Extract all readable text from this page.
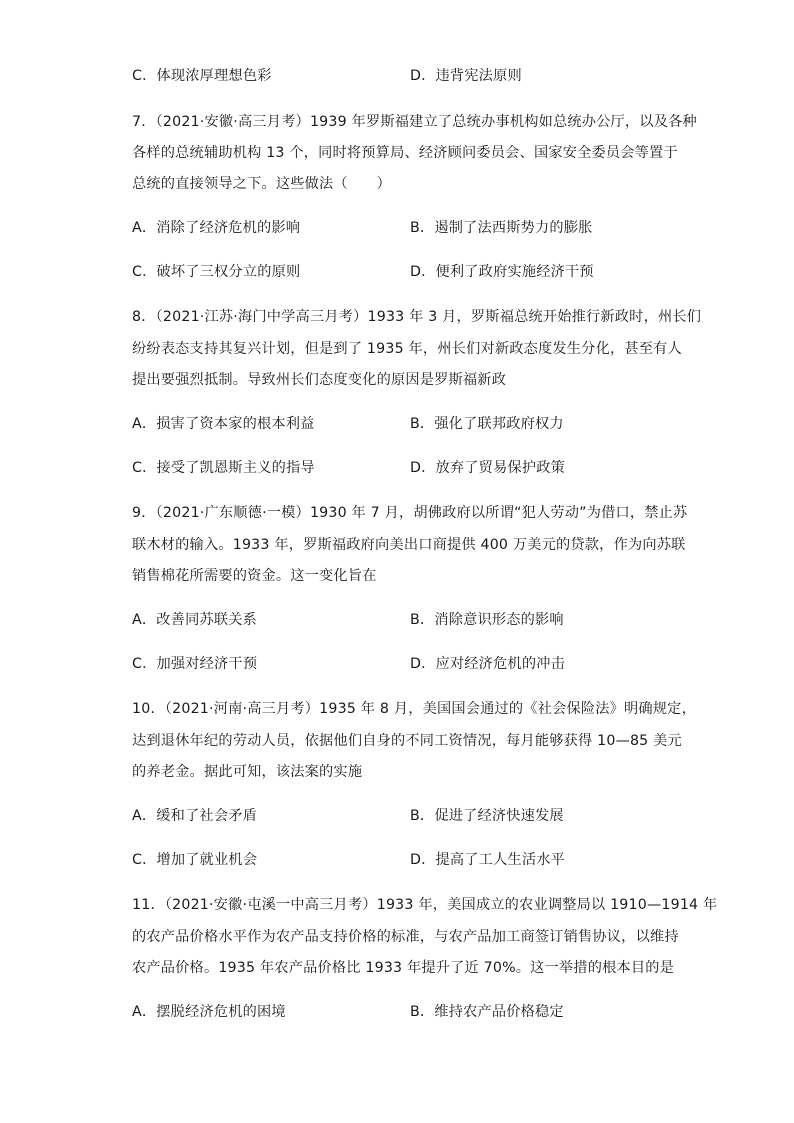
C．体现浓厚理想色彩	D．违背宪法原则
7．（2021·安徽·高三月考）1939 年罗斯福建立了总统办事机构如总统办公厅，以及各种
各样的总统辅助机构 13 个，同时将预算局、经济顾问委员会、国家安全委员会等置于
总统的直接领导之下。这些做法（　　）
A．消除了经济危机的影响	B．遏制了法西斯势力的膨胀
C．破坏了三权分立的原则	D．便利了政府实施经济干预
8．（2021·江苏·海门中学高三月考）1933 年 3 月，罗斯福总统开始推行新政时，州长们
纷纷表态支持其复兴计划，但是到了 1935 年，州长们对新政态度发生分化，甚至有人
提出要强烈抵制。导致州长们态度变化的原因是罗斯福新政
A．损害了资本家的根本利益	B．强化了联邦政府权力
C．接受了凯恩斯主义的指导	D．放弃了贸易保护政策
9．（2021·广东顺德·一模）1930 年 7 月，胡佛政府以所谓“犯人劳动”为借口，禁止苏
联木材的输入。1933 年，罗斯福政府向美出口商提供 400 万美元的贷款，作为向苏联
销售棉花所需要的资金。这一变化旨在
A．改善同苏联关系	B．消除意识形态的影响
C．加强对经济干预	D．应对经济危机的冲击
10．（2021·河南·高三月考）1935 年 8 月，美国国会通过的《社会保险法》明确规定，
达到退休年纪的劳动人员，依据他们自身的不同工资情况，每月能够获得 10—85 美元
的养老金。据此可知，该法案的实施
A．缓和了社会矛盾	B．促进了经济快速发展
C．增加了就业机会	D．提高了工人生活水平
11．（2021·安徽·屯溪一中高三月考）1933 年，美国成立的农业调整局以 1910—1914 年
的农产品价格水平作为农产品支持价格的标准，与农产品加工商签订销售协议，以维持
农产品价格。1935 年农产品价格比 1933 年提升了近 70%。这一举措的根本目的是
A．摆脱经济危机的困境	B．维持农产品价格稳定
